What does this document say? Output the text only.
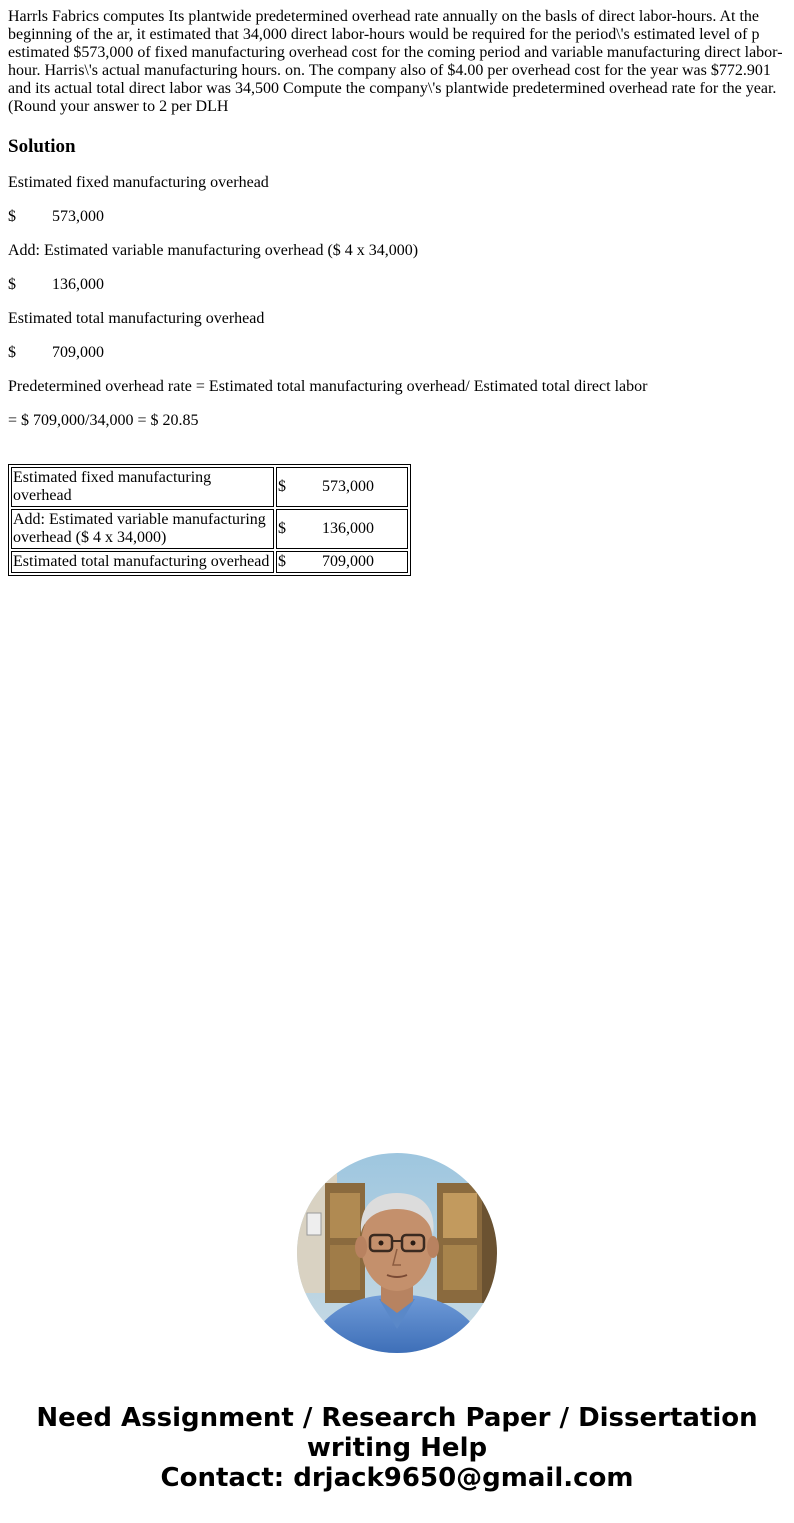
Harrls Fabrics computes Its plantwide predetermined overhead rate annually on the basls of direct labor-hours. At the beginning of the ar, it estimated that 34,000 direct labor-hours would be required for the period\'s estimated level of p estimated $573,000 of fixed manufacturing overhead cost for the coming period and variable manufacturing direct labor-hour. Harris\'s actual manufacturing hours. on. The company also of $4.00 per overhead cost for the year was $772.901 and its actual total direct labor was 34,500 Compute the company\'s plantwide predetermined overhead rate for the year. (Round your answer to 2 per DLH

Solution

Estimated fixed manufacturing overhead

$ 573,000

Add: Estimated variable manufacturing overhead ($ 4 x 34,000)

$ 136,000

Estimated total manufacturing overhead

$ 709,000

Predetermined overhead rate = Estimated total manufacturing overhead/ Estimated total direct labor

= $ 709,000/34,000 = $ 20.85

Estimated fixed manufacturing overhead	$ 573,000
Add: Estimated variable manufacturing overhead ($ 4 x 34,000)	$ 136,000
Estimated total manufacturing overhead	$ 709,000
Need Assignment / Research Paper / Dissertation
writing Help
Contact: drjack9650@gmail.com
